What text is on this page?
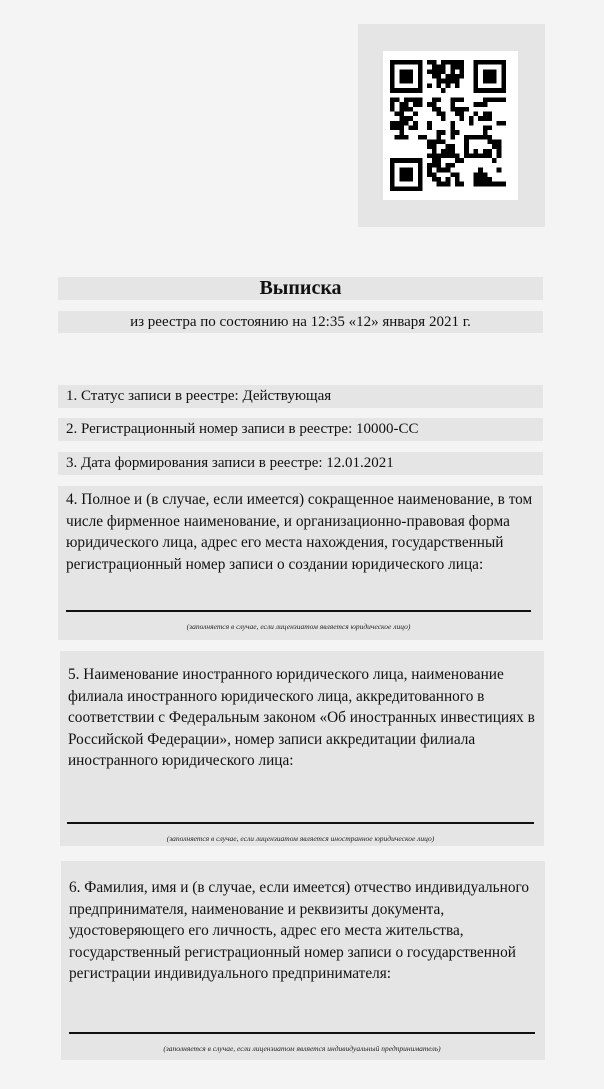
Выписка
из реестра по состоянию на 12:35 «12» января 2021 г.
1. Статус записи в реестре: Действующая
2. Регистрационный номер записи в реестре: 10000-СС
3. Дата формирования записи в реестре: 12.01.2021

4. Полное и (в случае, если имеется) сокращенное наименование, в том числе фирменное наименование, и организационно-правовая форма юридического лица, адрес его места нахождения, государственный регистрационный номер записи о создании юридического лица:

(заполняется в случае, если лицензиатом является юридическое лицо)

5. Наименование иностранного юридического лица, наименование филиала иностранного юридического лица, аккредитованного в соответствии с Федеральным законом «Об иностранных инвестициях в Российской Федерации», номер записи аккредитации филиала иностранного юридического лица:

(заполняется в случае, если лицензиатом является иностранное юридическое лицо)

6. Фамилия, имя и (в случае, если имеется) отчество индивидуального предпринимателя, наименование и реквизиты документа, удостоверяющего его личность, адрес его места жительства, государственный регистрационный номер записи о государственной регистрации индивидуального предпринимателя:

(заполняется в случае, если лицензиатом является индивидуальный предприниматель)
